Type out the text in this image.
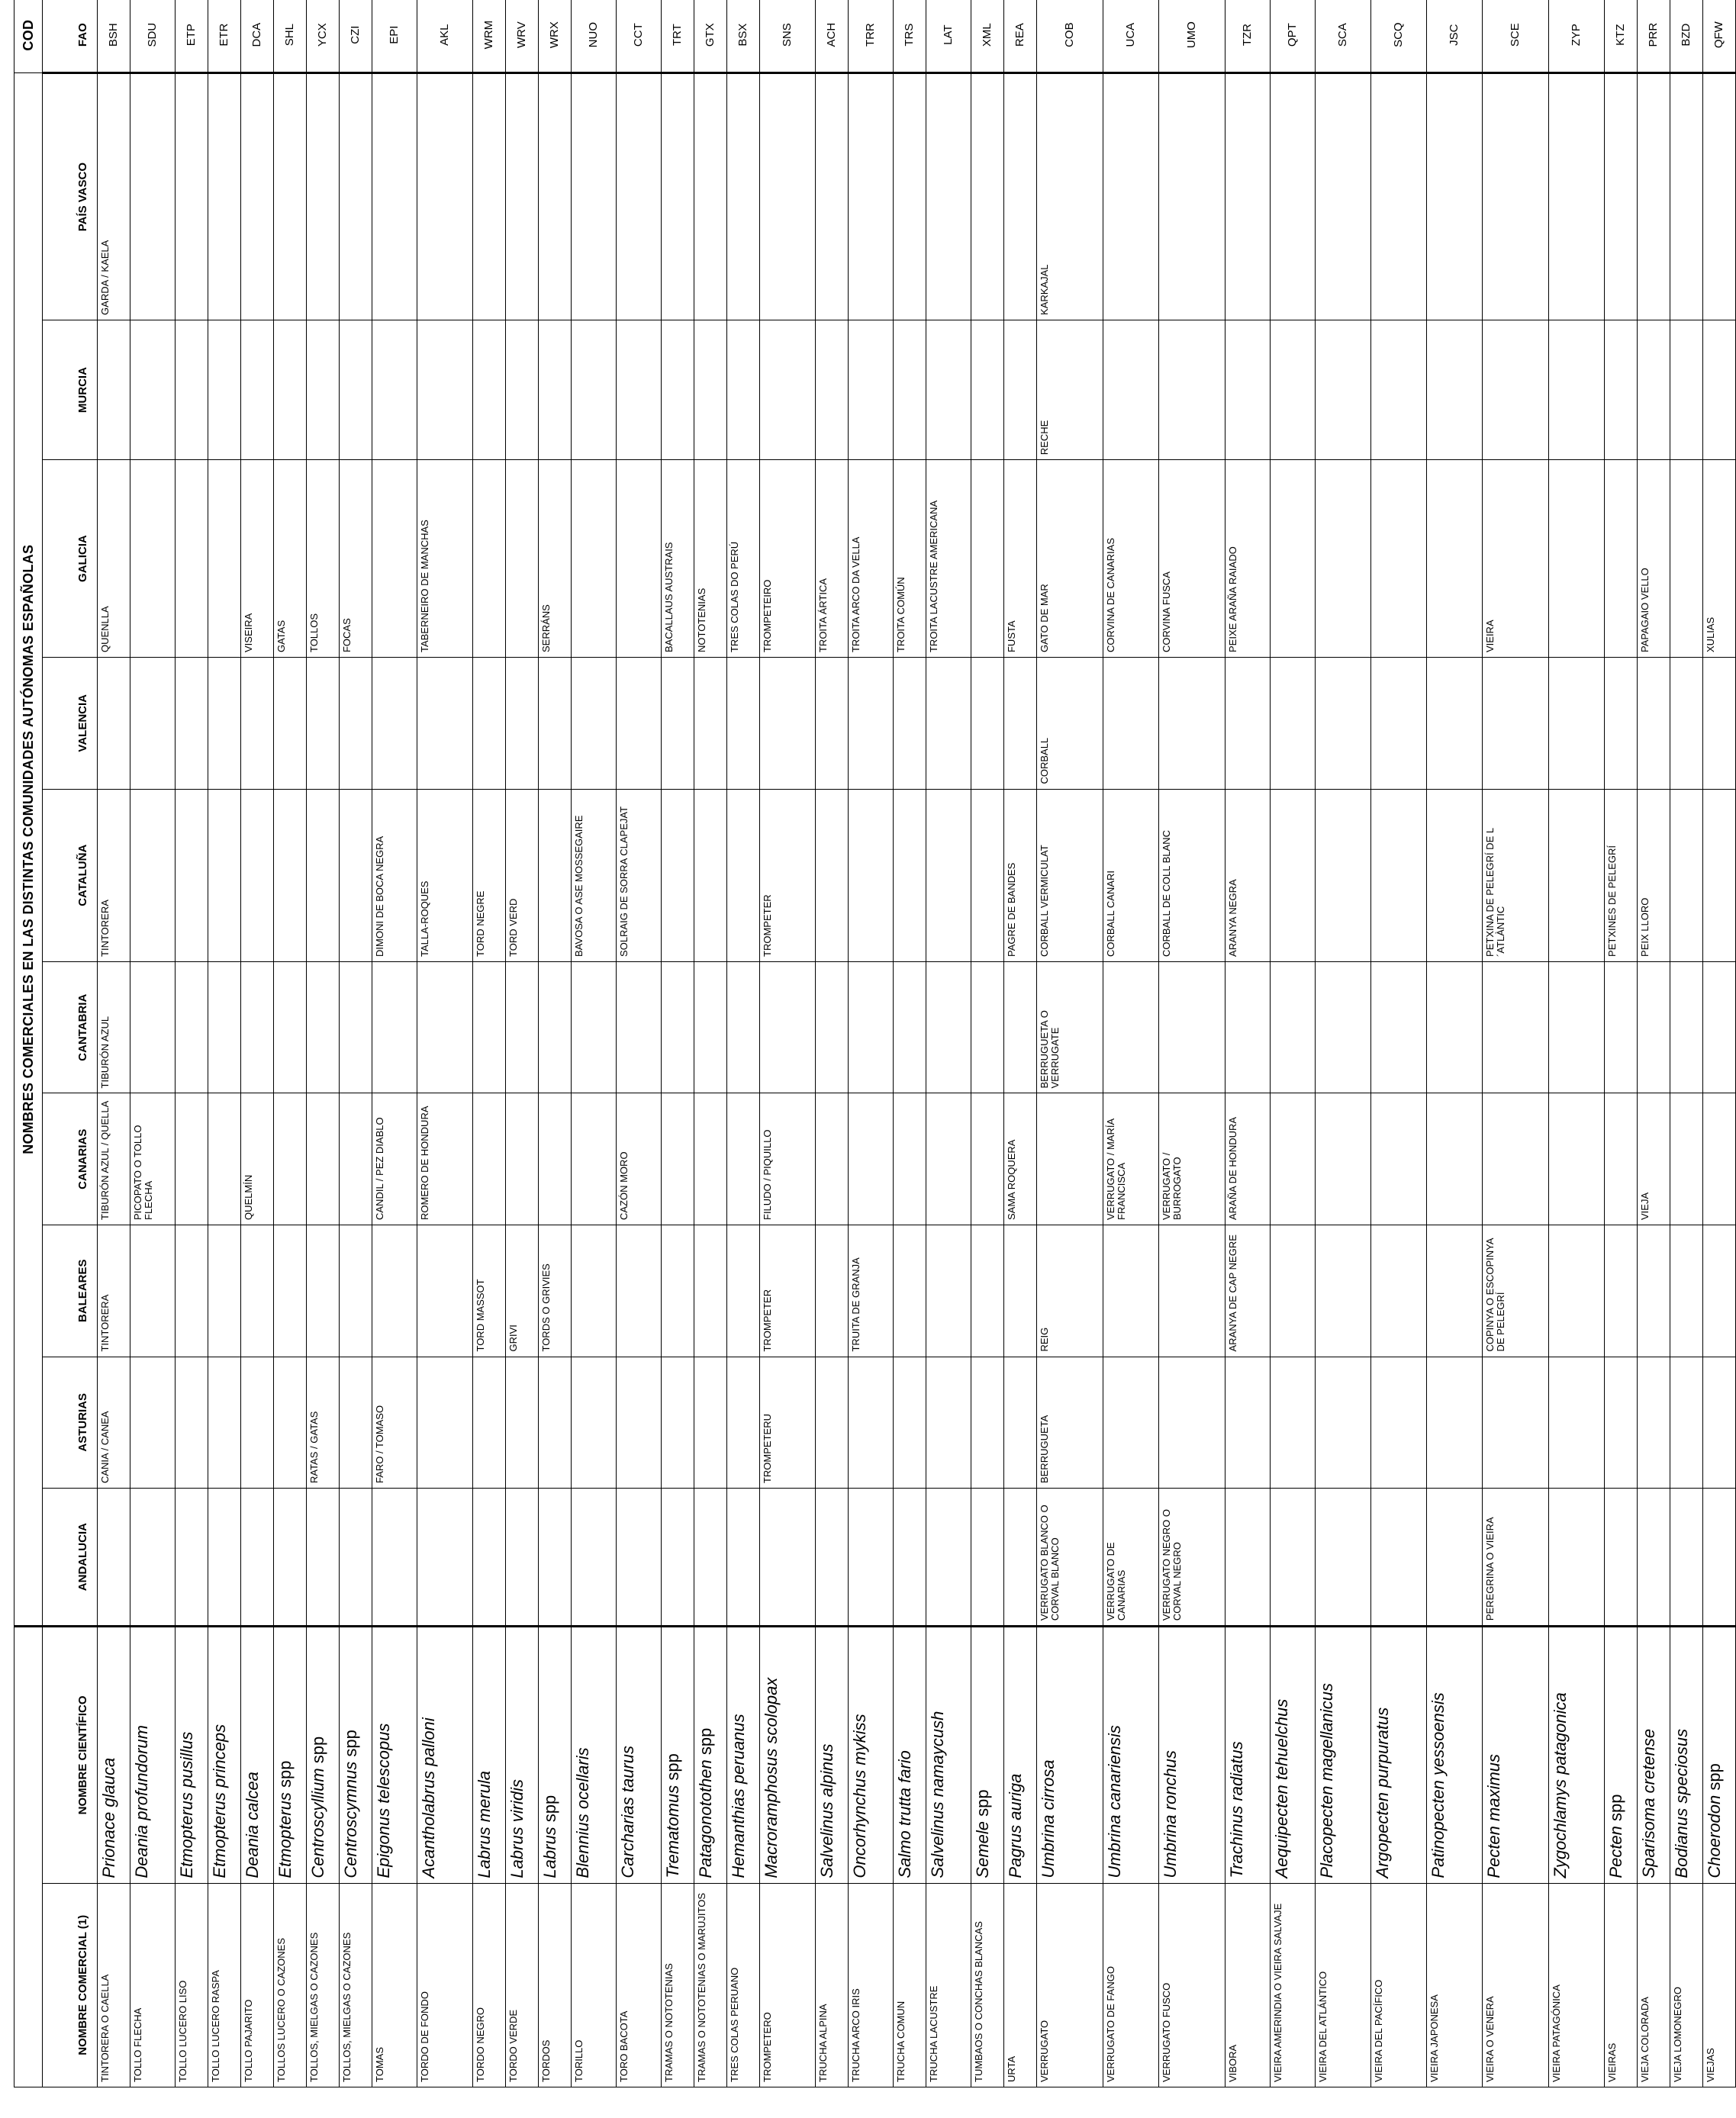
		NOMBRES COMERCIALES EN LAS DISTINTAS COMUNIDADES AUTÓNOMAS ESPAÑOLAS										COD
NOMBRE COMERCIAL (1)	NOMBRE CIENTÍFICO	ANDALUCIA	ASTURIAS	BALEARES	CANARIAS	CANTABRIA	CATALUÑA	VALENCIA	GALICIA	MURCIA	PAÍS VASCO	FAO
TINTORERA O CAELLA	Prionace glauca		CANIA / CANEA	TINTORERA	TIBURÓN AZUL / QUELLA	TIBURÓN AZUL	TINTORERA		QUENLLA		GARDA / KAELA	BSH
TOLLO FLECHA	Deania profundorum				PICOPATO O TOLLO FLECHA							SDU
TOLLO LUCERO LISO	Etmopterus pusillus											ETP
TOLLO LUCERO RASPA	Etmopterus princeps											ETR
TOLLO PAJARITO	Deania calcea				QUELMÍN				VISEIRA			DCA
TOLLOS LUCERO O CAZONES	Etmopterus spp								GATAS			SHL
TOLLOS, MIELGAS O CAZONES	Centroscyllium spp		RATAS / GATAS						TOLLOS			YCX
TOLLOS, MIELGAS O CAZONES	Centroscymnus spp								FOCAS			CZI
TOMAS	Epigonus telescopus		FARO / TOMASO		CANDIL / PEZ DIABLO		DIMONI DE BOCA NEGRA					EPI
TORDO DE FONDO	Acantholabrus palloni				ROMERO DE HONDURA		TALLA-ROQUES		TABERNEIRO DE MANCHAS			AKL
TORDO NEGRO	Labrus merula			TORD MASSOT			TORD NEGRE					WRM
TORDO VERDE	Labrus viridis			GRIVI			TORD VERD					WRV
TORDOS	Labrus spp			TORDS O GRIVIES					SERRÁNS			WRX
TORILLO	Blennius ocellaris						BAVOSA O ASE MOSSEGAIRE					NUO
TORO BACOTA	Carcharias taurus				CAZÓN MORO		SOLRAIG DE SORRA CLAPEJAT					CCT
TRAMAS O NOTOTENIAS	Trematomus spp								BACALLAUS AUSTRAIS			TRT
TRAMAS O NOTOTENIAS O MARUJITOS	Patagonotothen spp								NOTOTENIAS			GTX
TRES COLAS PERUANO	Hemanthias peruanus								TRES COLAS DO PERÚ			BSX
TROMPETERO	Macroramphosus scolopax		TROMPETERU	TROMPETER	FILUDO / PIQUILLO		TROMPETER		TROMPETEIRO			SNS
TRUCHA ALPINA	Salvelinus alpinus								TROITA ÁRTICA			ACH
TRUCHA ARCO IRIS	Oncorhynchus mykiss			TRUITA DE GRANJA					TROITA ARCO DA VELLA			TRR
TRUCHA COMUN	Salmo trutta fario								TROITA COMÚN			TRS
TRUCHA LACUSTRE	Salvelinus namaycush								TROITA LACUSTRE AMERICANA			LAT
TUMBAOS O CONCHAS BLANCAS	Semele spp											XML
URTA	Pagrus auriga				SAMA ROQUERA		PAGRE DE BANDES		FUSTA			REA
VERRUGATO	Umbrina cirrosa	VERRUGATO BLANCO O CORVAL BLANCO	BERRUGUETA	REIG		BERRUGUETA O VERRUGATE	CORBALL VERMICULAT	CORBALL	GATO DE MAR	RECHE	KARKAJAL	COB
VERRUGATO DE FANGO	Umbrina canariensis	VERRUGATO DE CANARIAS			VERRUGATO / MARÍA FRANCISCA		CORBALL CANARI		CORVINA DE CANARIAS			UCA
VERRUGATO FUSCO	Umbrina ronchus	VERRUGATO NEGRO O CORVAL NEGRO			VERRUGATO / BURROGATO		CORBALL DE COLL BLANC		CORVINA FUSCA			UMO
VIBORA	Trachinus radiatus			ARANYA DE CAP NEGRE	ARAÑA DE HONDURA		ARANYA NEGRA		PEIXE ARAÑA RAIADO			TZR
VIEIRA AMERINDIA O VIEIRA SALVAJE	Aequipecten tehuelchus											QPT
VIEIRA DEL ATLÁNTICO	Placopecten magellanicus											SCA
VIEIRA DEL PACÍFICO	Argopecten purpuratus											SCQ
VIEIRA JAPONESA	Patinopecten yessoensis											JSC
VIEIRA O VENERA	Pecten maximus	PEREGRINA O VIEIRA		COPINYA O ESCOPINYA DE PELEGRÍ			PETXINA DE PELEGRÍ DE L´ATLÀNTIC		VIEIRA			SCE
VIEIRA PATAGÓNICA	Zygochlamys patagonica											ZYP
VIEIRAS	Pecten spp						PETXINES DE PELEGRÍ					KTZ
VIEJA COLORADA	Sparisoma cretense				VIEJA		PEIX LLORO		PAPAGAIO VELLO			PRR
VIEJA LOMONEGRO	Bodianus speciosus											BZD
VIEJAS	Choerodon spp								XULIAS			QFW
